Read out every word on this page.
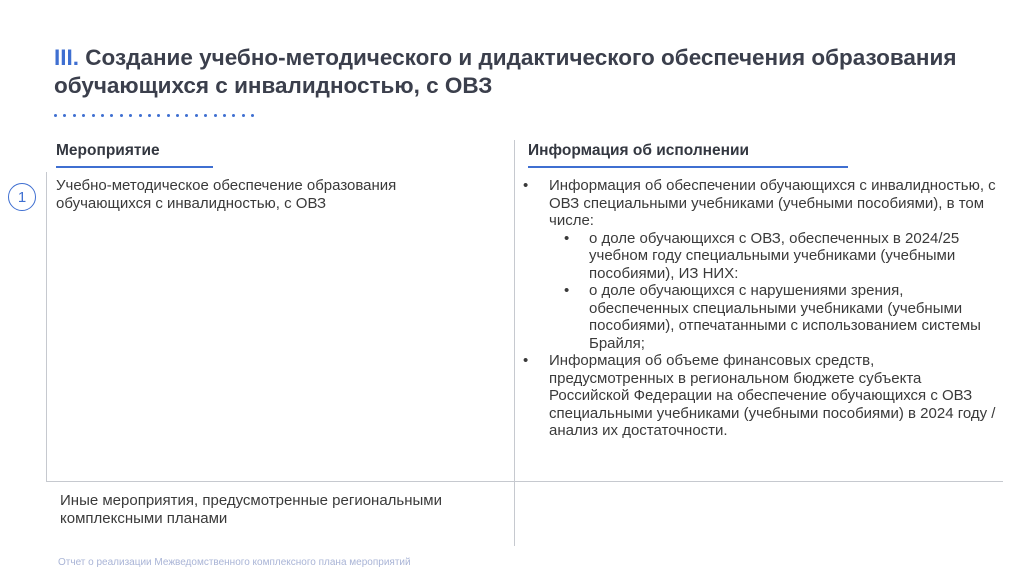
III. Создание учебно-методического и дидактического обеспечения образования обучающихся с инвалидностью, с ОВЗ
Мероприятие	Информация об исполнении
1
Учебно-методическое обеспечение образования обучающихся с инвалидностью, с ОВЗ
• Информация об обеспечении обучающихся с инвалидностью, с ОВЗ специальными учебниками (учебными пособиями), в том числе:
• о доле обучающихся с ОВЗ, обеспеченных в 2024/25 учебном году специальными учебниками (учебными пособиями), ИЗ НИХ:
• о доле обучающихся с нарушениями зрения, обеспеченных специальными учебниками (учебными пособиями), отпечатанными с использованием системы Брайля;
• Информация об объеме финансовых средств, предусмотренных в региональном бюджете субъекта Российской Федерации на обеспечение обучающихся с ОВЗ специальными учебниками (учебными пособиями) в 2024 году / анализ их достаточности.
Иные мероприятия, предусмотренные региональными комплексными планами
Отчет о реализации Межведомственного комплексного плана мероприятий
